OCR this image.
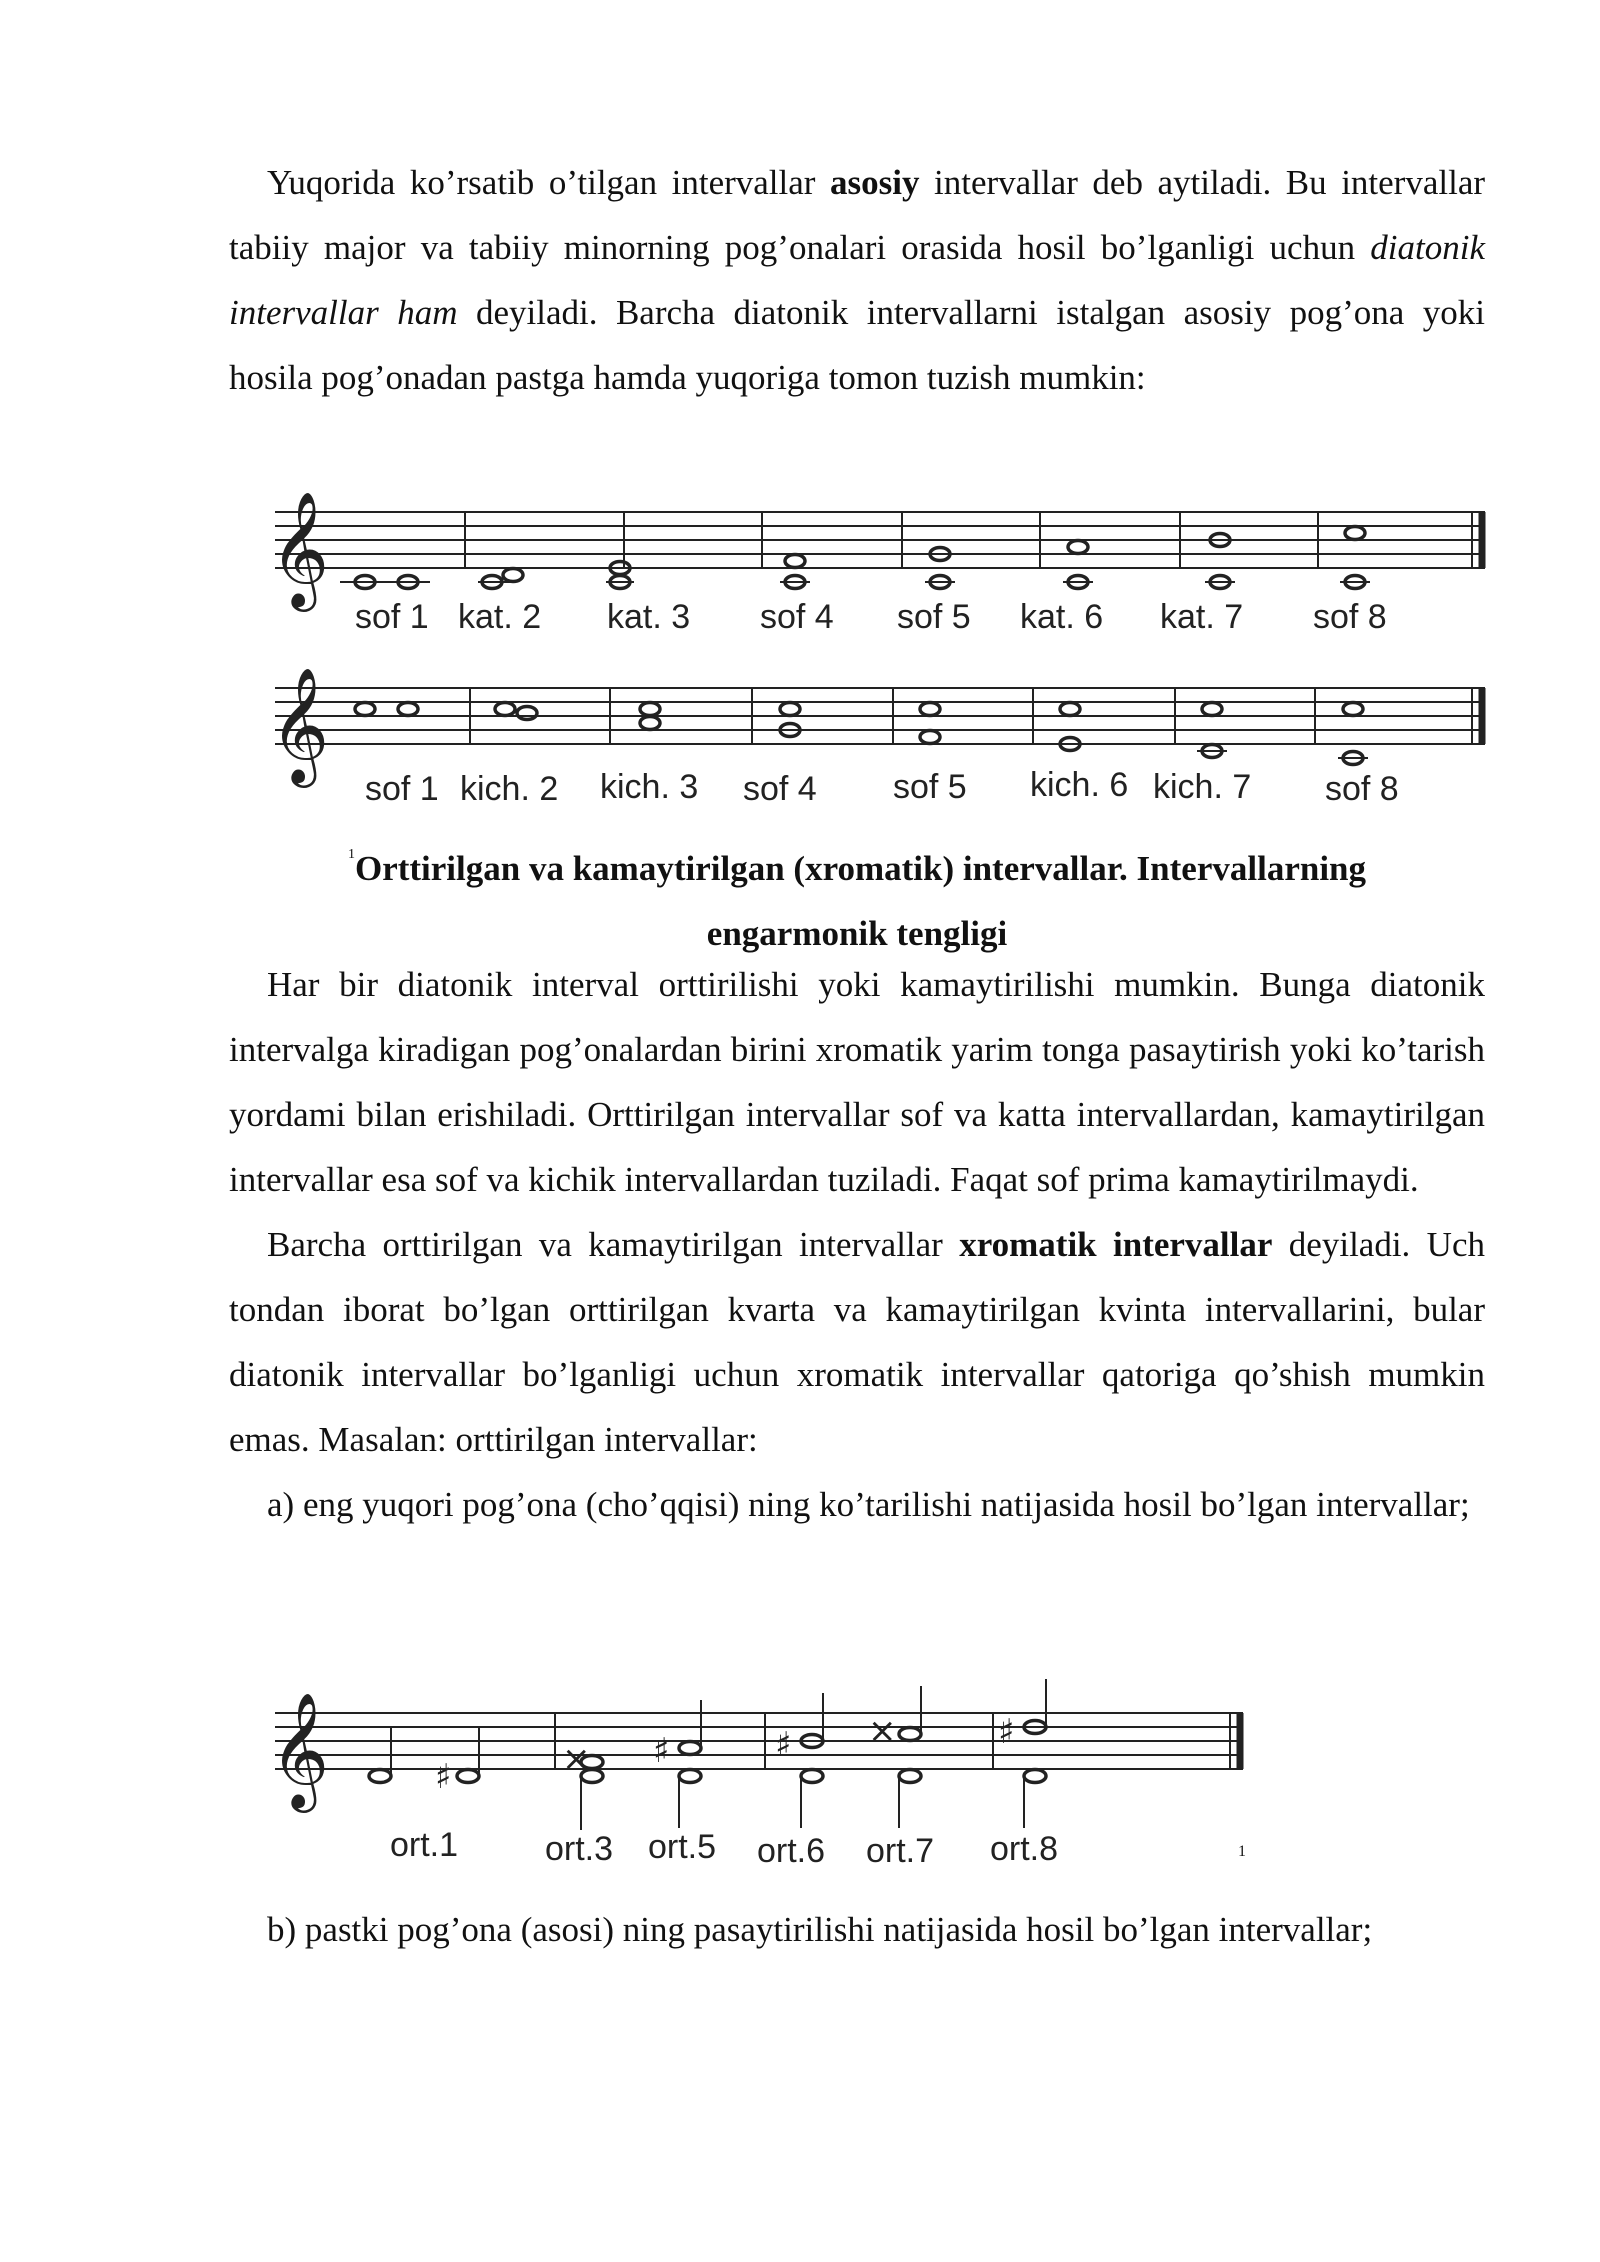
Yuqorida ko’rsatib o’tilgan intervallar asosiy intervallar deb aytiladi. Bu intervallar tabiiy major va tabiiy minorning pog’onalari orasida hosil bo’lganligi uchun diatonik intervallar ham deyiladi. Barcha diatonik intervallarni istalgan asosiy pog’ona yoki hosila pog’onadan pastga hamda yuqoriga tomon tuzish mumkin:

𝄞
sof 1 kat. 2 kat. 3 sof 4 sof 5 kat. 6 kat. 7 sof 8
𝄞
sof 1 kich. 2 kich. 3 sof 4 sof 5 kich. 6 kich. 7 sof 8
𝄞	♯	× ♯	♯ ×	♯
ort.1	ort.3 ort.5 ort.6 ort.7 ort.8	1
$^1$Orttirilgan va kamaytirilgan (xromatik) intervallar. Intervallarning
engarmonik tengligi

Har bir diatonik interval orttirilishi yoki kamaytirilishi mumkin. Bunga diatonik intervalga kiradigan pog’onalardan birini xromatik yarim tonga pasaytirish yoki ko’tarish yordami bilan erishiladi. Orttirilgan intervallar sof va katta intervallardan, kamaytirilgan intervallar esa sof va kichik intervallardan tuziladi. Faqat sof prima kamaytirilmaydi.

Barcha orttirilgan va kamaytirilgan intervallar xromatik intervallar deyiladi. Uch tondan iborat bo’lgan orttirilgan kvarta va kamaytirilgan kvinta intervallarini, bular diatonik intervallar bo’lganligi uchun xromatik intervallar qatoriga qo’shish mumkin emas. Masalan: orttirilgan intervallar:

a) eng yuqori pog’ona (cho’qqisi) ning ko’tarilishi natijasida hosil bo’lgan intervallar;

b) pastki pog’ona (asosi) ning pasaytirilishi natijasida hosil bo’lgan intervallar;
